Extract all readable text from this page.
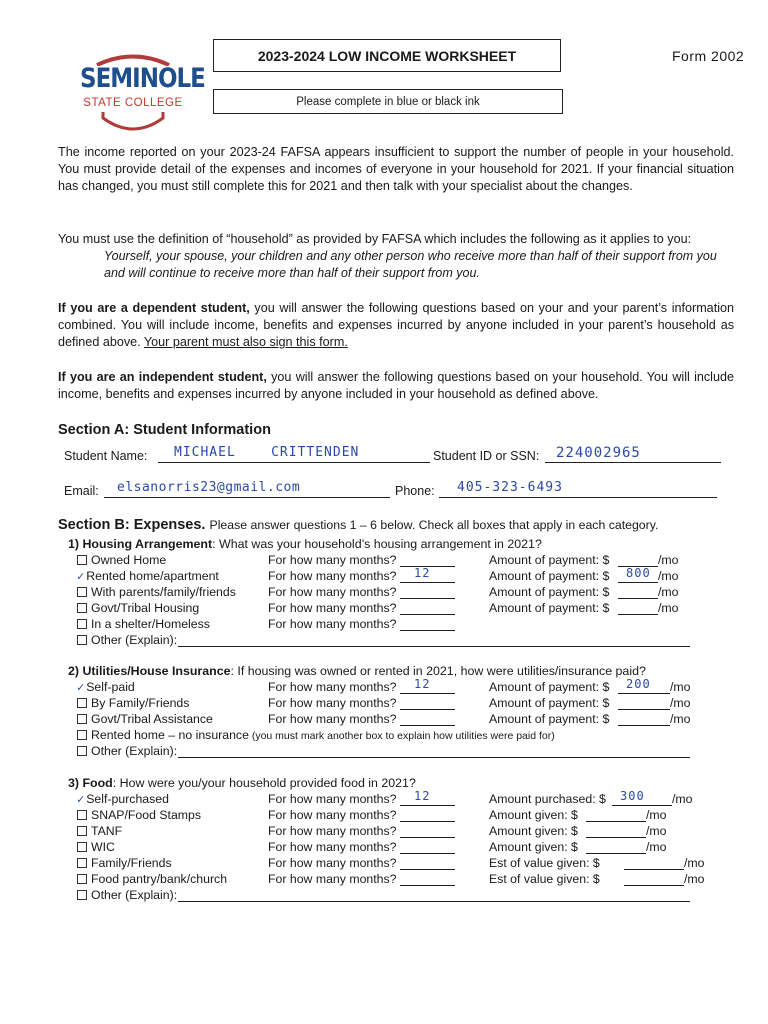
SEMINOLE
STATE COLLEGE
2023-2024 LOW INCOME WORKSHEET
Please complete in blue or black ink
Form 2002
The income reported on your 2023-24 FAFSA appears insufficient to support the number of people in your household. You must provide detail of the expenses and incomes of everyone in your household for 2021. If your financial situation has changed, you must still complete this for 2021 and then talk with your specialist about the changes.
You must use the definition of “household” as provided by FAFSA which includes the following as it applies to you:
Yourself, your spouse, your children and any other person who receive more than half of their support from you and will continue to receive more than half of their support from you.
If you are a dependent student, you will answer the following questions based on your and your parent’s information combined. You will include income, benefits and expenses incurred by anyone included in your parent’s household as defined above. Your parent must also sign this form.
If you are an independent student, you will answer the following questions based on your household. You will include income, benefits and expenses incurred by anyone included in your household as defined above.
Section A: Student Information
Student Name: MICHAEL    CRITTENDEN	Student ID or SSN: 224002965
Email: elsanorris23@gmail.com	Phone: 405-323-6493
Section B: Expenses. Please answer questions 1 – 6 below. Check all boxes that apply in each category.
1) Housing Arrangement: What was your household’s housing arrangement in 2021?
Owned Home	For how many months?	Amount of payment: $	/mo
✓ Rented home/apartment	For how many months? 12	Amount of payment: $ 800 /mo
With parents/family/friends	For how many months?	Amount of payment: $	/mo
Govt/Tribal Housing	For how many months?	Amount of payment: $	/mo
In a shelter/Homeless	For how many months?
Other (Explain):
2) Utilities/House Insurance: If housing was owned or rented in 2021, how were utilities/insurance paid?
✓ Self-paid	For how many months? 12	Amount of payment: $ 200 /mo
By Family/Friends	For how many months?	Amount of payment: $	/mo
Govt/Tribal Assistance	For how many months?	Amount of payment: $	/mo
Rented home – no insurance (you must mark another box to explain how utilities were paid for)
Other (Explain):
3) Food: How were you/your household provided food in 2021?
✓ Self-purchased	For how many months? 12	Amount purchased: $ 300 /mo
SNAP/Food Stamps	For how many months?	Amount given: $	/mo
TANF	For how many months?	Amount given: $	/mo
WIC	For how many months?	Amount given: $	/mo
Family/Friends	For how many months?	Est of value given: $	/mo
Food pantry/bank/church	For how many months?	Est of value given: $	/mo
Other (Explain):
